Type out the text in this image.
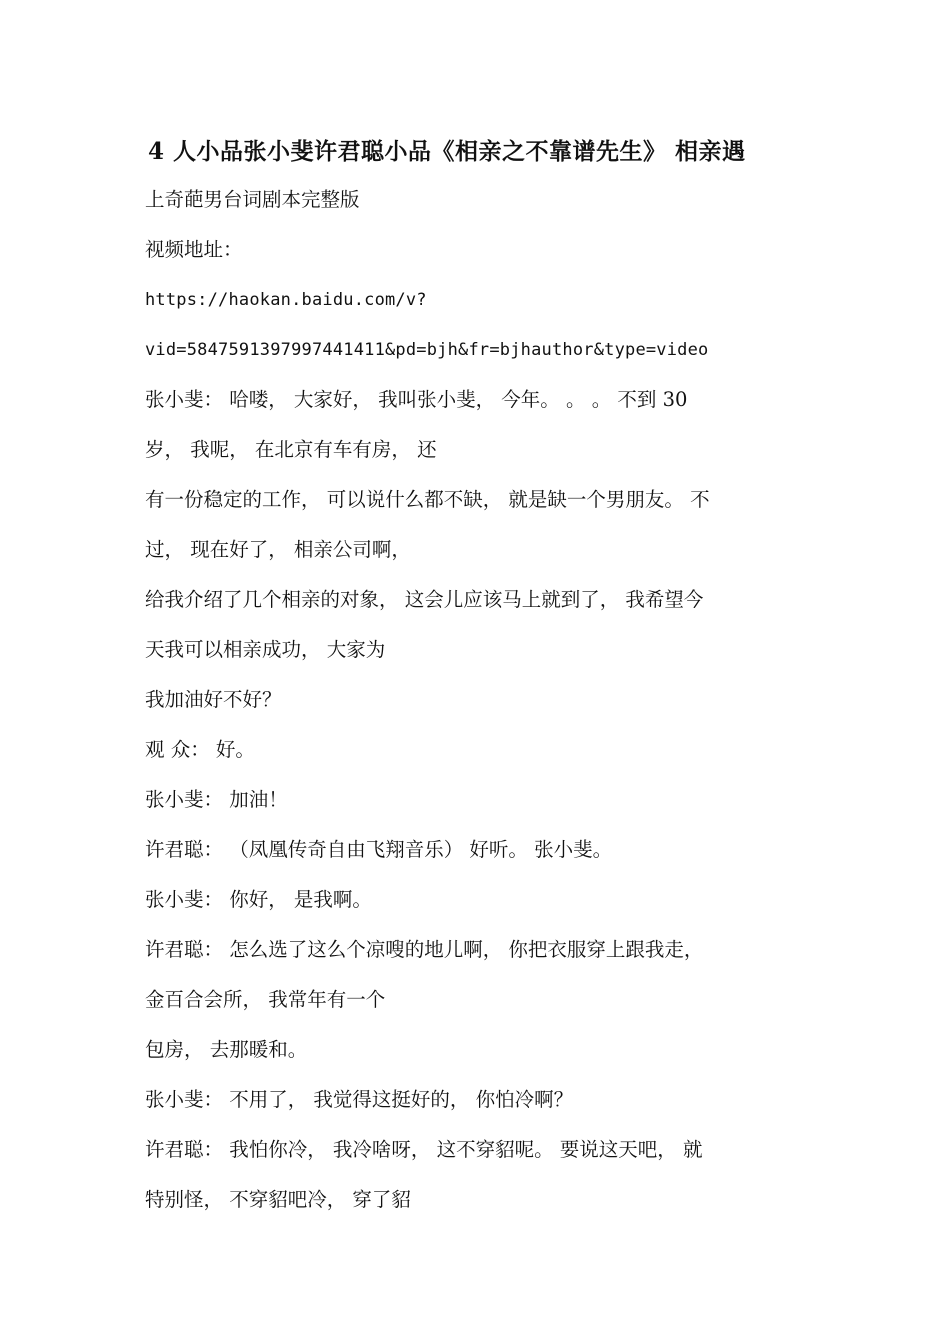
4 人小品张小斐许君聪小品《相亲之不靠谱先生》 相亲遇
上奇葩男台词剧本完整版
视频地址：
https://haokan.baidu.com/v?
vid=5847591397997441411&pd=bjh&fr=bjhauthor&type=video
张小斐： 哈喽， 大家好， 我叫张小斐， 今年。 。 。 不到 30
岁， 我呢， 在北京有车有房， 还
有一份稳定的工作， 可以说什么都不缺， 就是缺一个男朋友。 不
过， 现在好了， 相亲公司啊，
给我介绍了几个相亲的对象， 这会儿应该马上就到了， 我希望今
天我可以相亲成功， 大家为
我加油好不好？
观 众： 好。
张小斐： 加油！
许君聪： （凤凰传奇自由飞翔音乐） 好听。 张小斐。
张小斐： 你好， 是我啊。
许君聪： 怎么选了这么个凉嗖的地儿啊， 你把衣服穿上跟我走，
金百合会所， 我常年有一个
包房， 去那暖和。
张小斐： 不用了， 我觉得这挺好的， 你怕冷啊？
许君聪： 我怕你冷， 我冷啥呀， 这不穿貂呢。 要说这天吧， 就
特别怪， 不穿貂吧冷， 穿了貂
